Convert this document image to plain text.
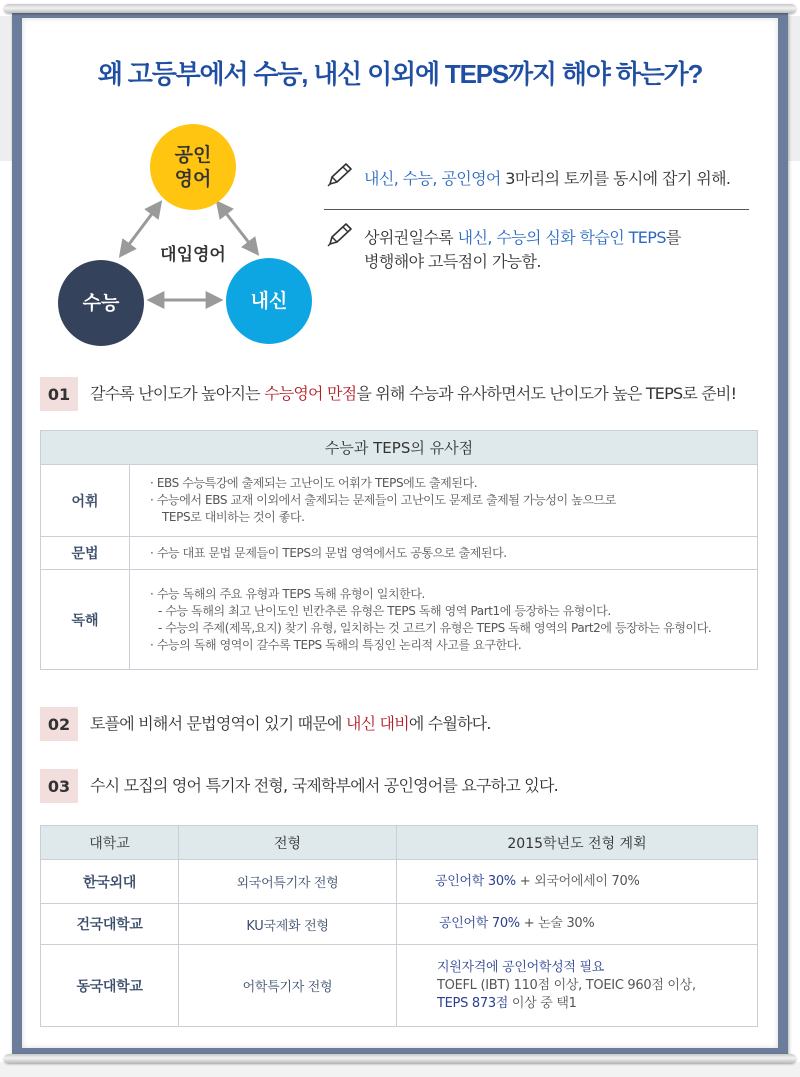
왜 고등부에서 수능, 내신 이외에 TEPS까지 해야 하는가?
공인
영어
수능	내신
대입영어
내신, 수능, 공인영어 3마리의 토끼를 동시에 잡기 위해.
상위권일수록 내신, 수능의 심화 학습인 TEPS를
병행해야 고득점이 가능함.
01	갈수록 난이도가 높아지는 수능영어 만점을 위해 수능과 유사하면서도 난이도가 높은 TEPS로 준비!
수능과 TEPS의 유사점	
어휘	· EBS 수능특강에 출제되는 고난이도 어휘가 TEPS에도 출제된다.
· 수능에서 EBS 교재 이외에서 출제되는 문제들이 고난이도 문제로 출제될 가능성이 높으므로
TEPS로 대비하는 것이 좋다.

문법	· 수능 대표 문법 문제들이 TEPS의 문법 영역에서도 공통으로 출제된다.

독해	· 수능 독해의 주요 유형과 TEPS 독해 유형이 일치한다.
- 수능 독해의 최고 난이도인 빈칸추론 유형은 TEPS 독해 영역 Part1에 등장하는 유형이다.
- 수능의 주제(제목,요지) 찾기 유형, 일치하는 것 고르기 유형은 TEPS 독해 영역의 Part2에 등장하는 유형이다.
· 수능의 독해 영역이 갈수록 TEPS 독해의 특징인 논리적 사고를 요구한다.
02	토플에 비해서 문법영역이 있기 때문에 내신 대비에 수월하다.
03	수시 모집의 영어 특기자 전형, 국제학부에서 공인영어를 요구하고 있다.
대학교	전형	2015학년도 전형 계획
한국외대	외국어특기자 전형	공인어학 30% + 외국어에세이 70%
건국대학교	KU국제화 전형	공인어학 70% + 논술 30%
동국대학교	어학특기자 전형	지원자격에 공인어학성적 필요
TOEFL (IBT) 110점 이상, TOEIC 960점 이상,
TEPS 873점 이상 중 택1
